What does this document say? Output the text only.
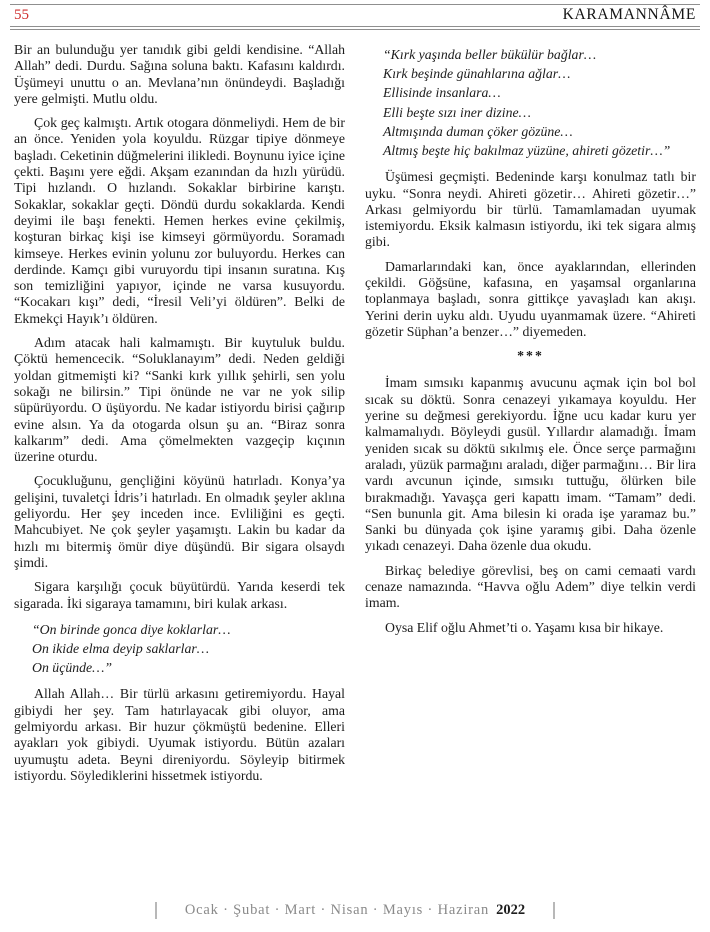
55	KARAMANNÂME

Bir an bulunduğu yer tanıdık gibi geldi kendisine. “Allah Allah” dedi. Durdu. Sağına soluna baktı. Kafasını kaldırdı. Üşümeyi unuttu o an. Mevlana’nın önündeydi. Başladığı yere gelmişti. Mutlu oldu.

Çok geç kalmıştı. Artık otogara dönmeliydi. Hem de bir an önce. Yeniden yola koyuldu. Rüzgar tipiye dönmeye başladı. Ceketinin düğmelerini ilikledi. Boynunu iyice içine çekti. Başını yere eğdi. Akşam ezanından da hızlı yürüdü. Tipi hızlandı. O hızlandı. Sokaklar birbirine karıştı. Sokaklar, sokaklar geçti. Döndü durdu sokaklarda. Kendi deyimi ile başı fenekti. Hemen herkes evine çekilmiş, koşturan birkaç kişi ise kimseyi görmüyordu. Soramadı kimseye. Herkes evinin yolunu zor buluyordu. Herkes can derdinde. Kamçı gibi vuruyordu tipi insanın suratına. Kış son temizliğini yapıyor, içinde ne varsa kusuyordu. “Kocakarı kışı” dedi, “İresil Veli’yi öldüren”. Belki de Ekmekçi Hayık’ı öldüren.

Adım atacak hali kalmamıştı. Bir kuytuluk buldu. Çöktü hemencecik. “Soluklanayım” dedi. Neden geldiği yoldan gitmemişti ki? “Sanki kırk yıllık şehirli, sen yolu sokağı ne bilirsin.” Tipi önünde ne var ne yok silip süpürüyordu. O üşüyordu. Ne kadar istiyordu birisi çağırıp evine alsın. Ya da otogarda olsun şu an. “Biraz sonra kalkarım” dedi. Ama çömelmekten vazgeçip kıçının üzerine oturdu.

Çocukluğunu, gençliğini köyünü hatırladı. Konya’ya gelişini, tuvaletçi İdris’i hatırladı. En olmadık şeyler aklına geliyordu. Her şey inceden ince. Evliliğini es geçti. Mahcubiyet. Ne çok şeyler yaşamıştı. Lakin bu kadar da hızlı mı bitermiş ömür diye düşündü. Bir sigara olsaydı şimdi.

Sigara karşılığı çocuk büyütürdü. Yarıda keserdi tek sigarada. İki sigaraya tamamını, biri kulak arkası.

“On birinde gonca diye koklarlar…
On ikide elma deyip saklarlar…
On üçünde…”

Allah Allah… Bir türlü arkasını getiremiyordu. Hayal gibiydi her şey. Tam hatırlayacak gibi oluyor, ama gelmiyordu arkası. Bir huzur çökmüştü bedenine. Elleri ayakları yok gibiydi. Uyumak istiyordu. Bütün azaları uyumuştu adeta. Beyni direniyordu. Söyleyip bitirmek istiyordu. Söylediklerini hissetmek istiyordu.

“Kırk yaşında beller bükülür bağlar…
Kırk beşinde günahlarına ağlar…
Ellisinde insanlara…
Elli beşte sızı iner dizine…
Altmışında duman çöker gözüne…
Altmış beşte hiç bakılmaz yüzüne, ahireti gözetir…”

Üşümesi geçmişti. Bedeninde karşı konulmaz tatlı bir uyku. “Sonra neydi. Ahireti gözetir… Ahireti gözetir…” Arkası gelmiyordu bir türlü. Tamamlamadan uyumak istemiyordu. Eksik kalmasın istiyordu, iki tek sigara almış gibi.

Damarlarındaki kan, önce ayaklarından, ellerinden çekildi. Göğsüne, kafasına, en yaşamsal organlarına toplanmaya başladı, sonra gittikçe yavaşladı kan akışı. Yerini derin uyku aldı. Uyudu uyanmamak üzere. “Ahireti gözetir Süphan’a benzer…” diyemeden.

***

İmam sımsıkı kapanmış avucunu açmak için bol bol sıcak su döktü. Sonra cenazeyi yıkamaya koyuldu. Her yerine su değmesi gerekiyordu. İğne ucu kadar kuru yer kalmamalıydı. Böyleydi gusül. Yıllardır alamadığı. İmam yeniden sıcak su döktü sıkılmış ele. Önce serçe parmağını araladı, yüzük parmağını araladı, diğer parmağını… Bir lira vardı avcunun içinde, sımsıkı tuttuğu, ölürken bile bırakmadığı. Yavaşça geri kapattı imam. “Tamam” dedi. “Sen bununla git. Ama bilesin ki orada işe yaramaz bu.” Sanki bu dünyada çok işine yaramış gibi. Daha özenle yıkadı cenazeyi. Daha özenle dua okudu.

Birkaç belediye görevlisi, beş on cami cemaati vardı cenaze namazında. “Havva oğlu Adem” diye telkin verdi imam.

Oysa Elif oğlu Ahmet’ti o. Yaşamı kısa bir hikaye.

Ocak · Şubat · Mart · Nisan · Mayıs · Haziran 2022
